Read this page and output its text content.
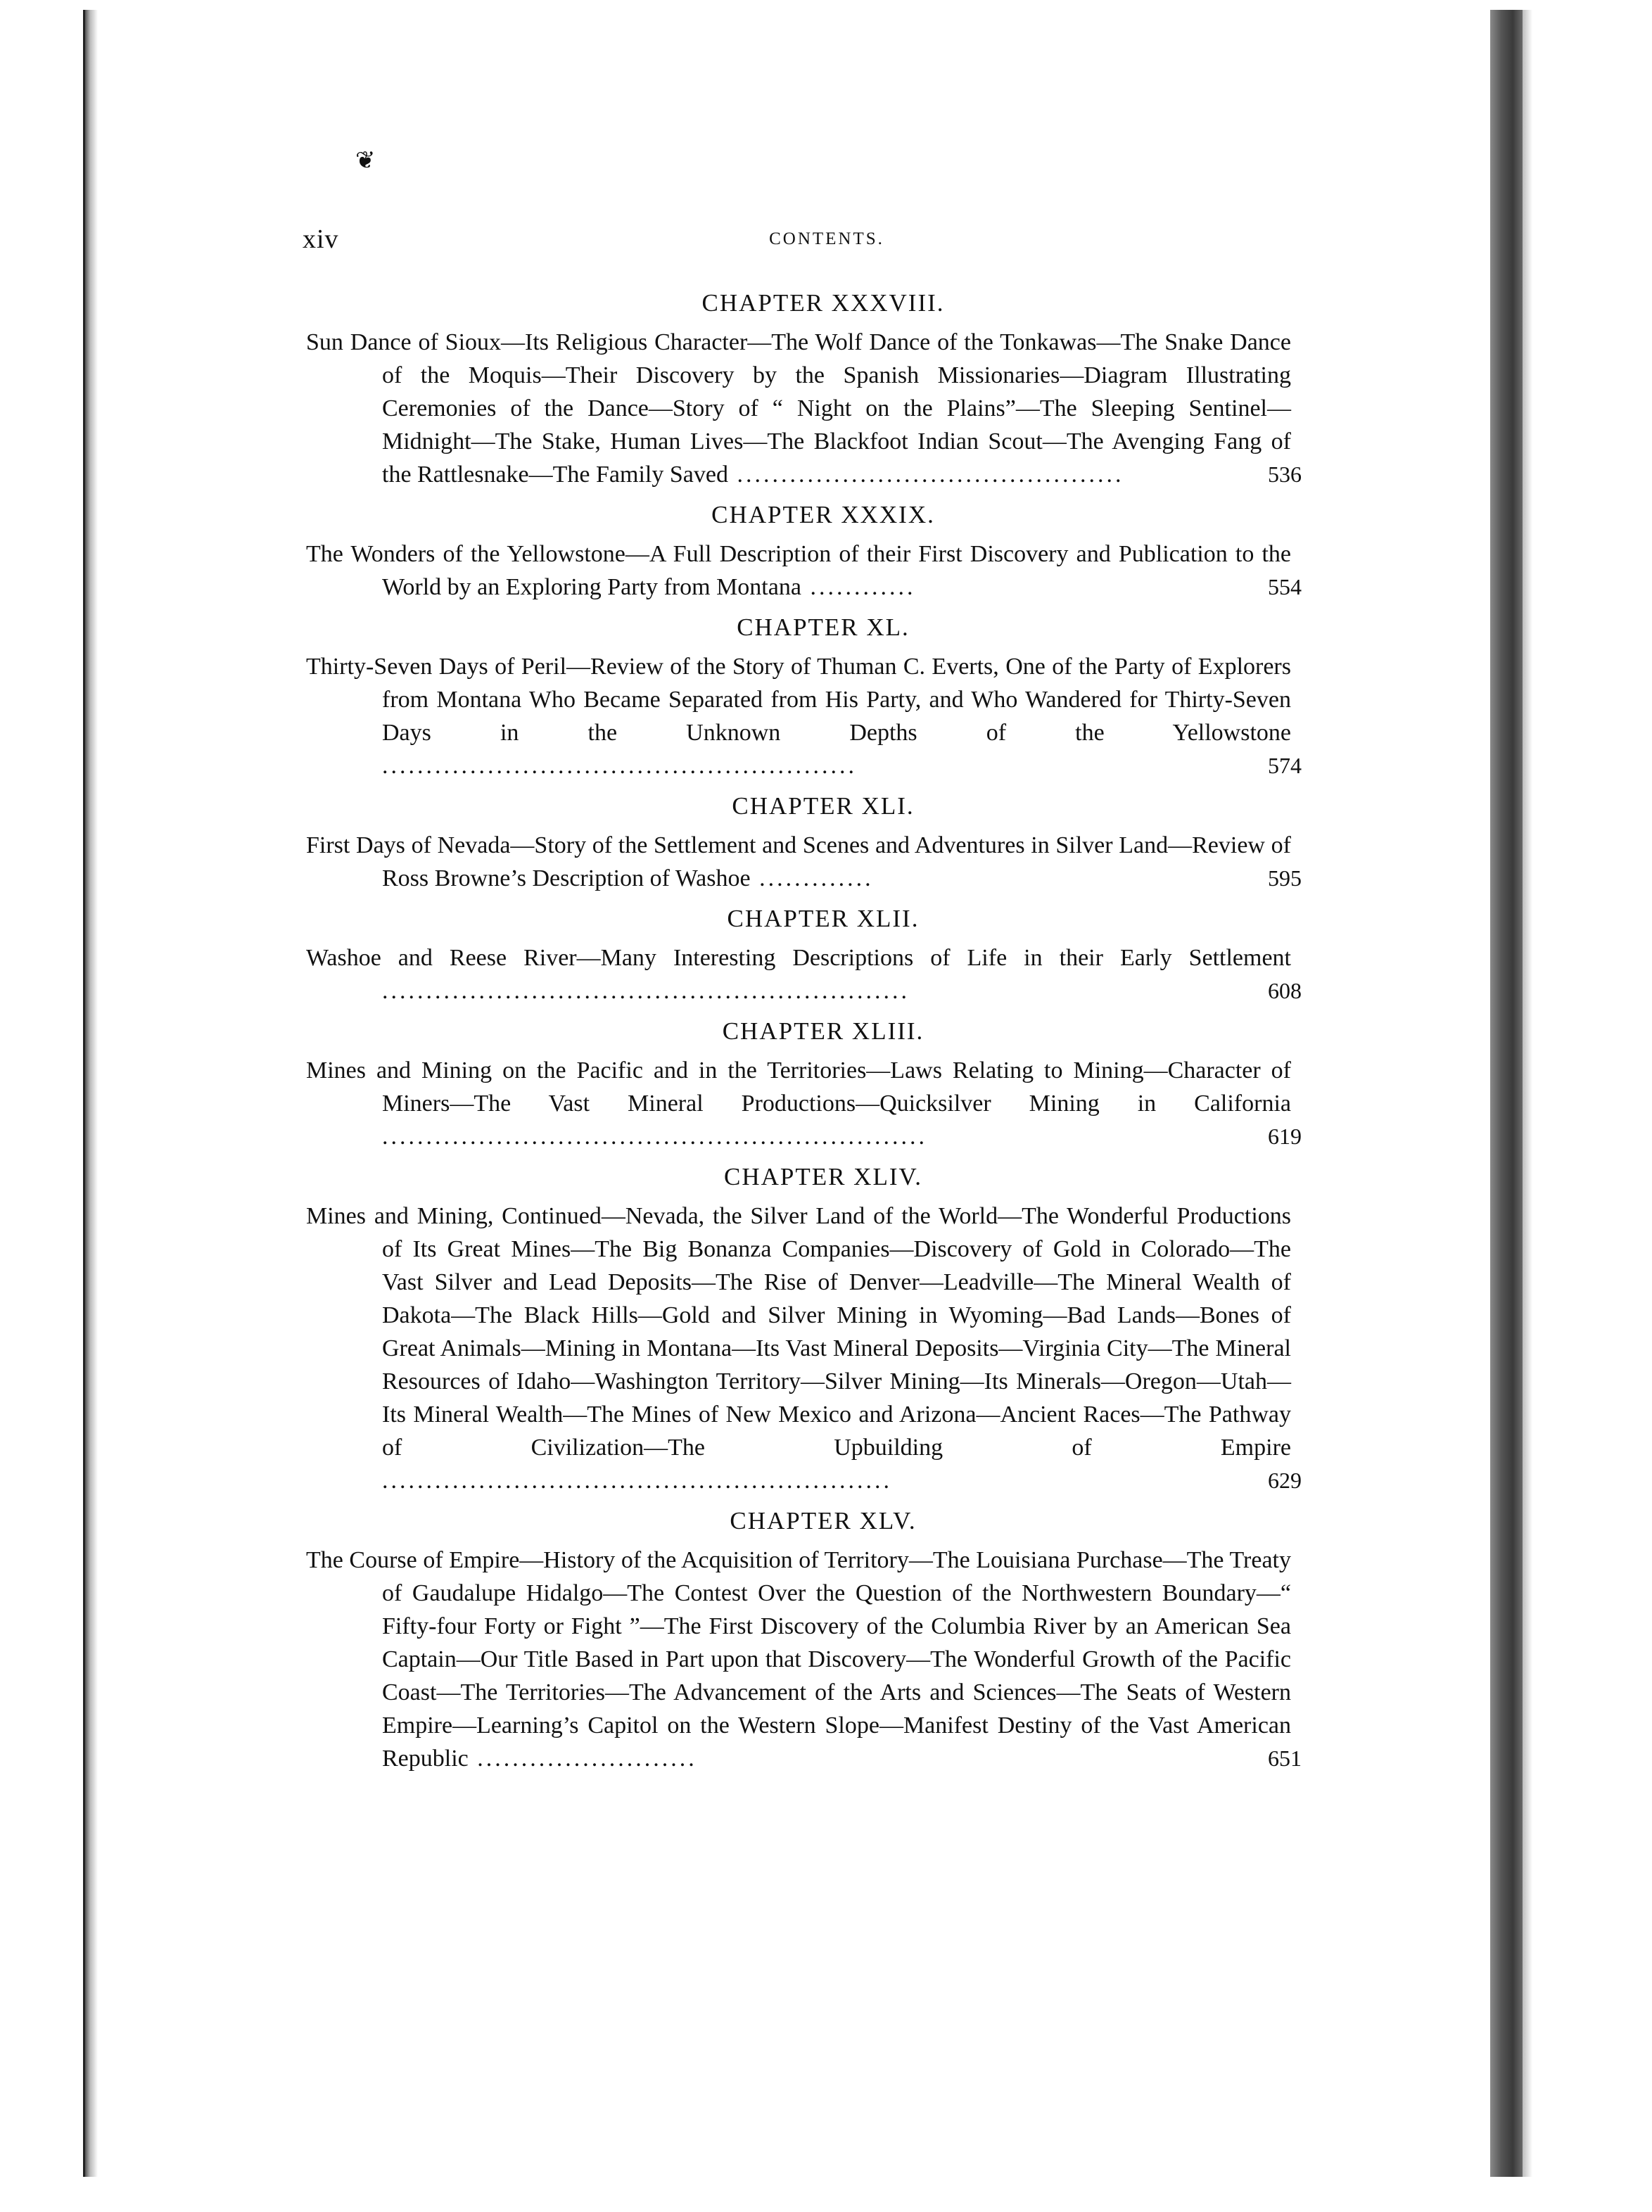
❦
xiv	CONTENTS.
CHAPTER XXXVIII.
Sun Dance of Sioux—Its Religious Character—The Wolf Dance of the Tonkawas—The Snake Dance of the Moquis—Their Discovery by the Spanish Missionaries—Diagram Illustrating Ceremonies of the Dance—Story of “ Night on the Plains”—The Sleeping Sentinel—Midnight—The Stake, Human Lives—The Blackfoot Indian Scout—The Avenging Fang of the Rattlesnake—The Family Saved ............................................	536
CHAPTER XXXIX.
The Wonders of the Yellowstone—A Full Description of their First Discovery and Publication to the World by an Exploring Party from Montana ............	554
CHAPTER XL.
Thirty-Seven Days of Peril—Review of the Story of Thuman C. Everts, One of the Party of Explorers from Montana Who Became Separated from His Party, and Who Wandered for Thirty-Seven Days in the Unknown Depths of the Yellowstone ......................................................	574
CHAPTER XLI.
First Days of Nevada—Story of the Settlement and Scenes and Adventures in Silver Land—Review of Ross Browne’s Description of Washoe .............	595
CHAPTER XLII.
Washoe and Reese River—Many Interesting Descriptions of Life in their Early Settlement ............................................................	608
CHAPTER XLIII.
Mines and Mining on the Pacific and in the Territories—Laws Relating to Mining—Character of Miners—The Vast Mineral Productions—Quicksilver Mining in California ..............................................................	619
CHAPTER XLIV.
Mines and Mining, Continued—Nevada, the Silver Land of the World—The Wonderful Productions of Its Great Mines—The Big Bonanza Companies—Discovery of Gold in Colorado—The Vast Silver and Lead Deposits—The Rise of Denver—Leadville—The Mineral Wealth of Dakota—The Black Hills—Gold and Silver Mining in Wyoming—Bad Lands—Bones of Great Animals—Mining in Montana—Its Vast Mineral Deposits—Virginia City—The Mineral Resources of Idaho—Washington Territory—Silver Mining—Its Minerals—Oregon—Utah—Its Mineral Wealth—The Mines of New Mexico and Arizona—Ancient Races—The Pathway of Civilization—The Upbuilding of Empire ..........................................................	629
CHAPTER XLV.
The Course of Empire—History of the Acquisition of Territory—The Louisiana Purchase—The Treaty of Gaudalupe Hidalgo—The Contest Over the Question of the Northwestern Boundary—“ Fifty-four Forty or Fight ”—The First Discovery of the Columbia River by an American Sea Captain—Our Title Based in Part upon that Discovery—The Wonderful Growth of the Pacific Coast—The Territories—The Advancement of the Arts and Sciences—The Seats of Western Empire—Learning’s Capitol on the Western Slope—Manifest Destiny of the Vast American Republic .........................	651
